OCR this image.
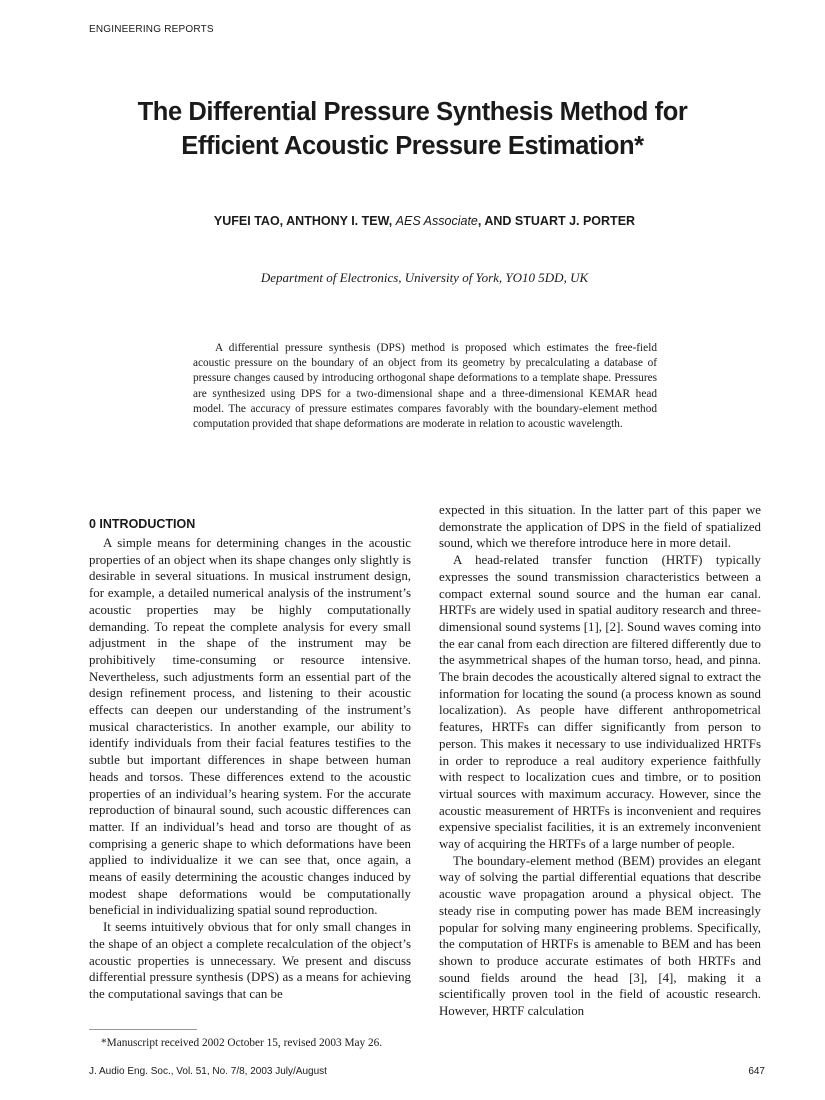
ENGINEERING REPORTS
The Differential Pressure Synthesis Method for
Efficient Acoustic Pressure Estimation*
YUFEI TAO, ANTHONY I. TEW, AES Associate, AND STUART J. PORTER
Department of Electronics, University of York, YO10 5DD, UK

A differential pressure synthesis (DPS) method is proposed which estimates the free-field acoustic pressure on the boundary of an object from its geometry by precalculating a database of pressure changes caused by introducing orthogonal shape deformations to a template shape. Pressures are synthesized using DPS for a two-dimensional shape and a three-dimensional KEMAR head model. The accuracy of pressure estimates compares favorably with the boundary-element method computation provided that shape deformations are moderate in relation to acoustic wavelength.

0 INTRODUCTION

A simple means for determining changes in the acoustic properties of an object when its shape changes only slightly is desirable in several situations. In musical instrument design, for example, a detailed numerical analysis of the instrument’s acoustic properties may be highly computationally demanding. To repeat the complete analysis for every small adjustment in the shape of the instrument may be prohibitively time-consuming or resource intensive. Nevertheless, such adjustments form an essential part of the design refinement process, and listening to their acoustic effects can deepen our understanding of the instrument’s musical characteristics. In another example, our ability to identify individuals from their facial features testifies to the subtle but important differences in shape between human heads and torsos. These differences extend to the acoustic properties of an individual’s hearing system. For the accurate reproduction of binaural sound, such acoustic differences can matter. If an individual’s head and torso are thought of as comprising a generic shape to which deformations have been applied to individualize it we can see that, once again, a means of easily determining the acoustic changes induced by modest shape deformations would be computationally beneficial in individualizing spatial sound reproduction.

It seems intuitively obvious that for only small changes in the shape of an object a complete recalculation of the object’s acoustic properties is unnecessary. We present and discuss differential pressure synthesis (DPS) as a means for achieving the computational savings that can be

expected in this situation. In the latter part of this paper we demonstrate the application of DPS in the field of spatialized sound, which we therefore introduce here in more detail.

A head-related transfer function (HRTF) typically expresses the sound transmission characteristics between a compact external sound source and the human ear canal. HRTFs are widely used in spatial auditory research and three-dimensional sound systems [1], [2]. Sound waves coming into the ear canal from each direction are filtered differently due to the asymmetrical shapes of the human torso, head, and pinna. The brain decodes the acoustically altered signal to extract the information for locating the sound (a process known as sound localization). As people have different anthropometrical features, HRTFs can differ significantly from person to person. This makes it necessary to use individualized HRTFs in order to reproduce a real auditory experience faithfully with respect to localization cues and timbre, or to position virtual sources with maximum accuracy. However, since the acoustic measurement of HRTFs is inconvenient and requires expensive specialist facilities, it is an extremely inconvenient way of acquiring the HRTFs of a large number of people.

The boundary-element method (BEM) provides an elegant way of solving the partial differential equations that describe acoustic wave propagation around a physical object. The steady rise in computing power has made BEM increasingly popular for solving many engineering problems. Specifically, the computation of HRTFs is amenable to BEM and has been shown to produce accurate estimates of both HRTFs and sound fields around the head [3], [4], making it a scientifically proven tool in the field of acoustic research. However, HRTF calculation

*Manuscript received 2002 October 15, revised 2003 May 26.
J. Audio Eng. Soc., Vol. 51, No. 7/8, 2003 July/August	647
